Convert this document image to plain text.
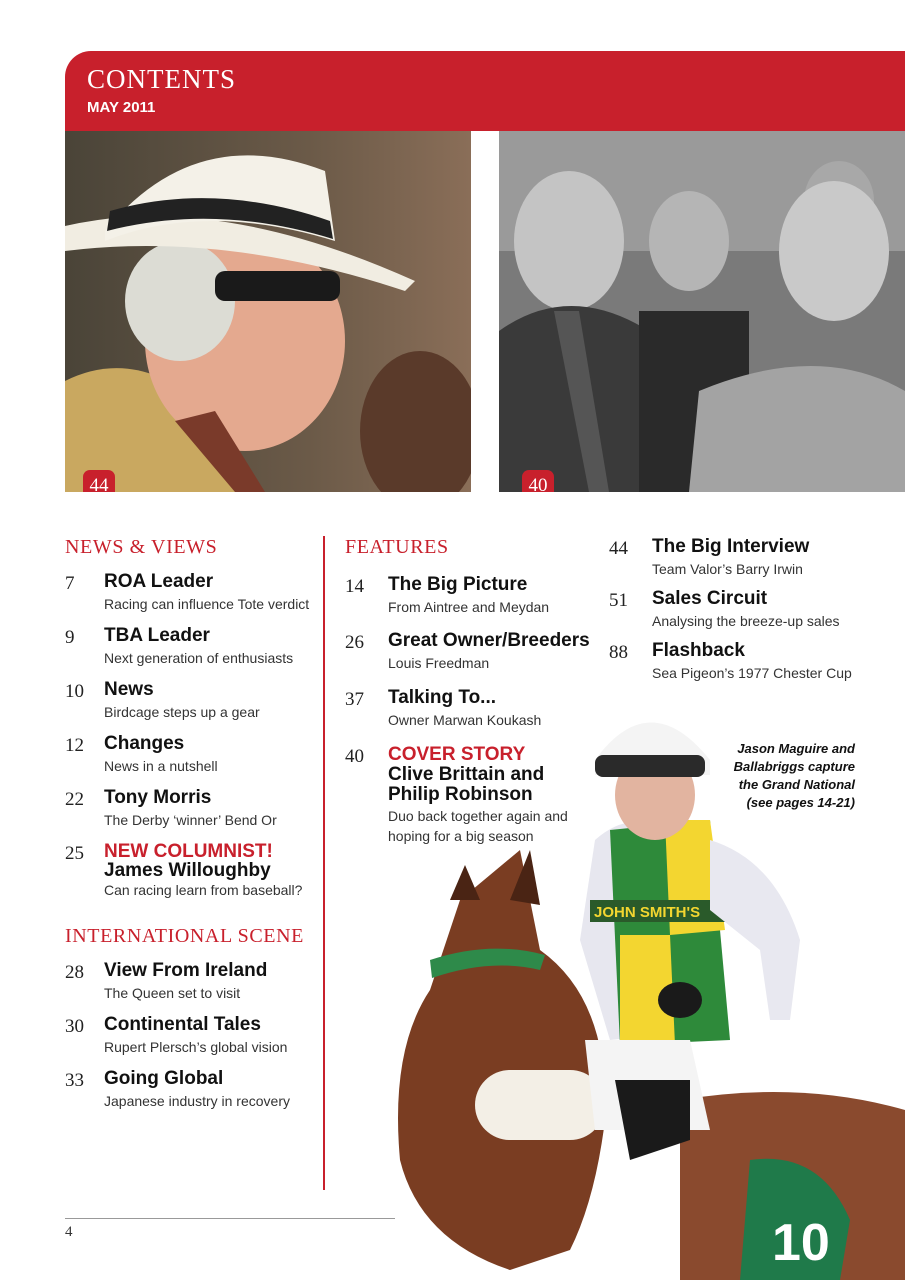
CONTENTS
MAY 2011
44	40
NEWS & VIEWS
7 ROA Leader
Racing can influence Tote verdict
9 TBA Leader
Next generation of enthusiasts
10 News
Birdcage steps up a gear
12 Changes
News in a nutshell
22 Tony Morris
The Derby ‘winner’ Bend Or
25 NEW COLUMNIST!
James Willoughby
Can racing learn from baseball?
INTERNATIONAL SCENE
28 View From Ireland
The Queen set to visit
30 Continental Tales
Rupert Plersch’s global vision
33 Going Global
Japanese industry in recovery
10
JOHN SMITH'S
FEATURES
14 The Big Picture
From Aintree and Meydan
26 Great Owner/Breeders
Louis Freedman
37 Talking To...
Owner Marwan Koukash
40 COVER STORY
Clive Brittain and
Philip Robinson
Duo back together again and
hoping for a big season
44 The Big Interview
Team Valor’s Barry Irwin
51 Sales Circuit
Analysing the breeze-up sales
88 Flashback
Sea Pigeon’s 1977 Chester Cup
Jason Maguire and
Ballabriggs capture
the Grand National
(see pages 14-21)
4
